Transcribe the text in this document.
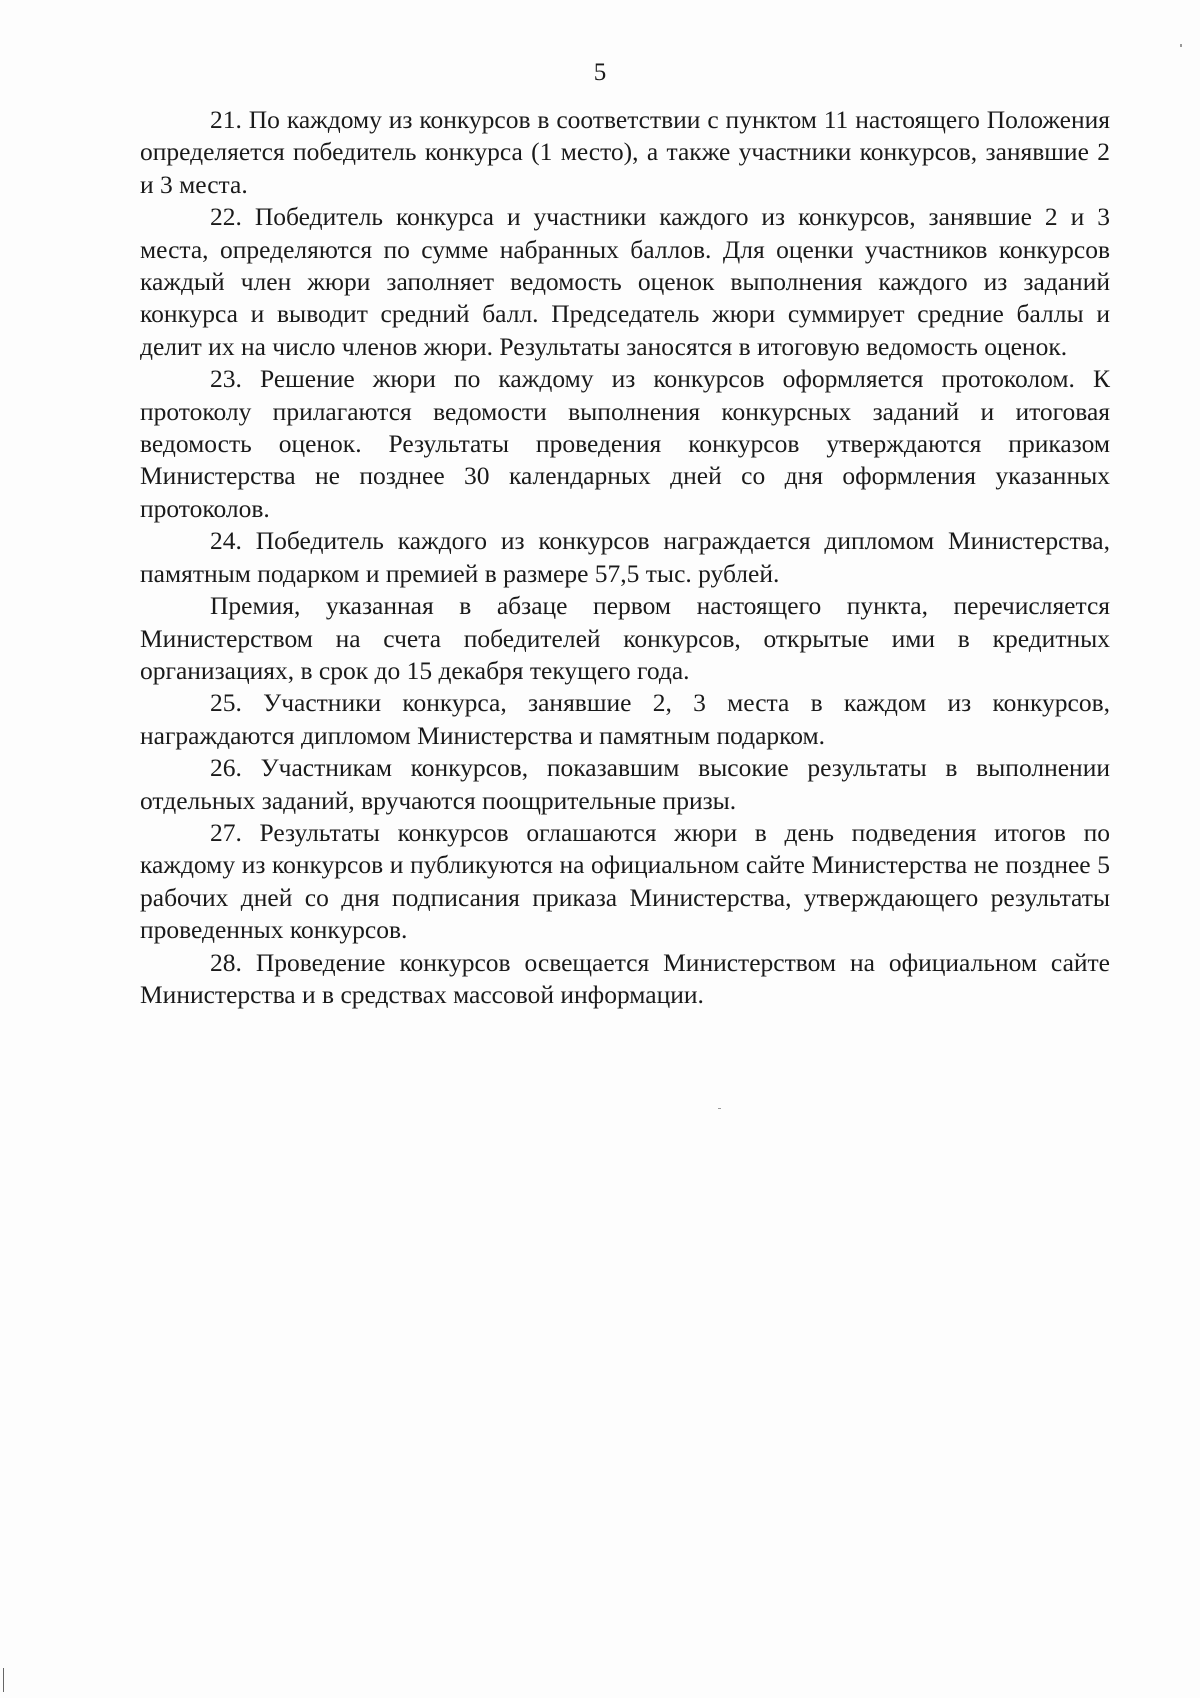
5

21. По каждому из конкурсов в соответствии с пунктом 11 настоящего Положения определяется победитель конкурса (1 место), а также участники конкурсов, занявшие 2 и 3 места.

22. Победитель конкурса и участники каждого из конкурсов, занявшие 2 и 3 места, определяются по сумме набранных баллов. Для оценки участников конкурсов каждый член жюри заполняет ведомость оценок выполнения каждого из заданий конкурса и выводит средний балл. Председатель жюри суммирует средние баллы и делит их на число членов жюри. Результаты заносятся в итоговую ведомость оценок.

23. Решение жюри по каждому из конкурсов оформляется протоколом. К протоколу прилагаются ведомости выполнения конкурсных заданий и итоговая ведомость оценок. Результаты проведения конкурсов утверждаются приказом Министерства не позднее 30 календарных дней со дня оформления указанных протоколов.

24. Победитель каждого из конкурсов награждается дипломом Министерства, памятным подарком и премией в размере 57,5 тыс. рублей.

Премия, указанная в абзаце первом настоящего пункта, перечисляется Министерством на счета победителей конкурсов, открытые ими в кредитных организациях, в срок до 15 декабря текущего года.

25. Участники конкурса, занявшие 2, 3 места в каждом из конкурсов, награждаются дипломом Министерства и памятным подарком.

26. Участникам конкурсов, показавшим высокие результаты в выполнении отдельных заданий, вручаются поощрительные призы.

27. Результаты конкурсов оглашаются жюри в день подведения итогов по каждому из конкурсов и публикуются на официальном сайте Министерства не позднее 5 рабочих дней со дня подписания приказа Министерства, утверждающего результаты проведенных конкурсов.

28. Проведение конкурсов освещается Министерством на официальном сайте Министерства и в средствах массовой информации.
